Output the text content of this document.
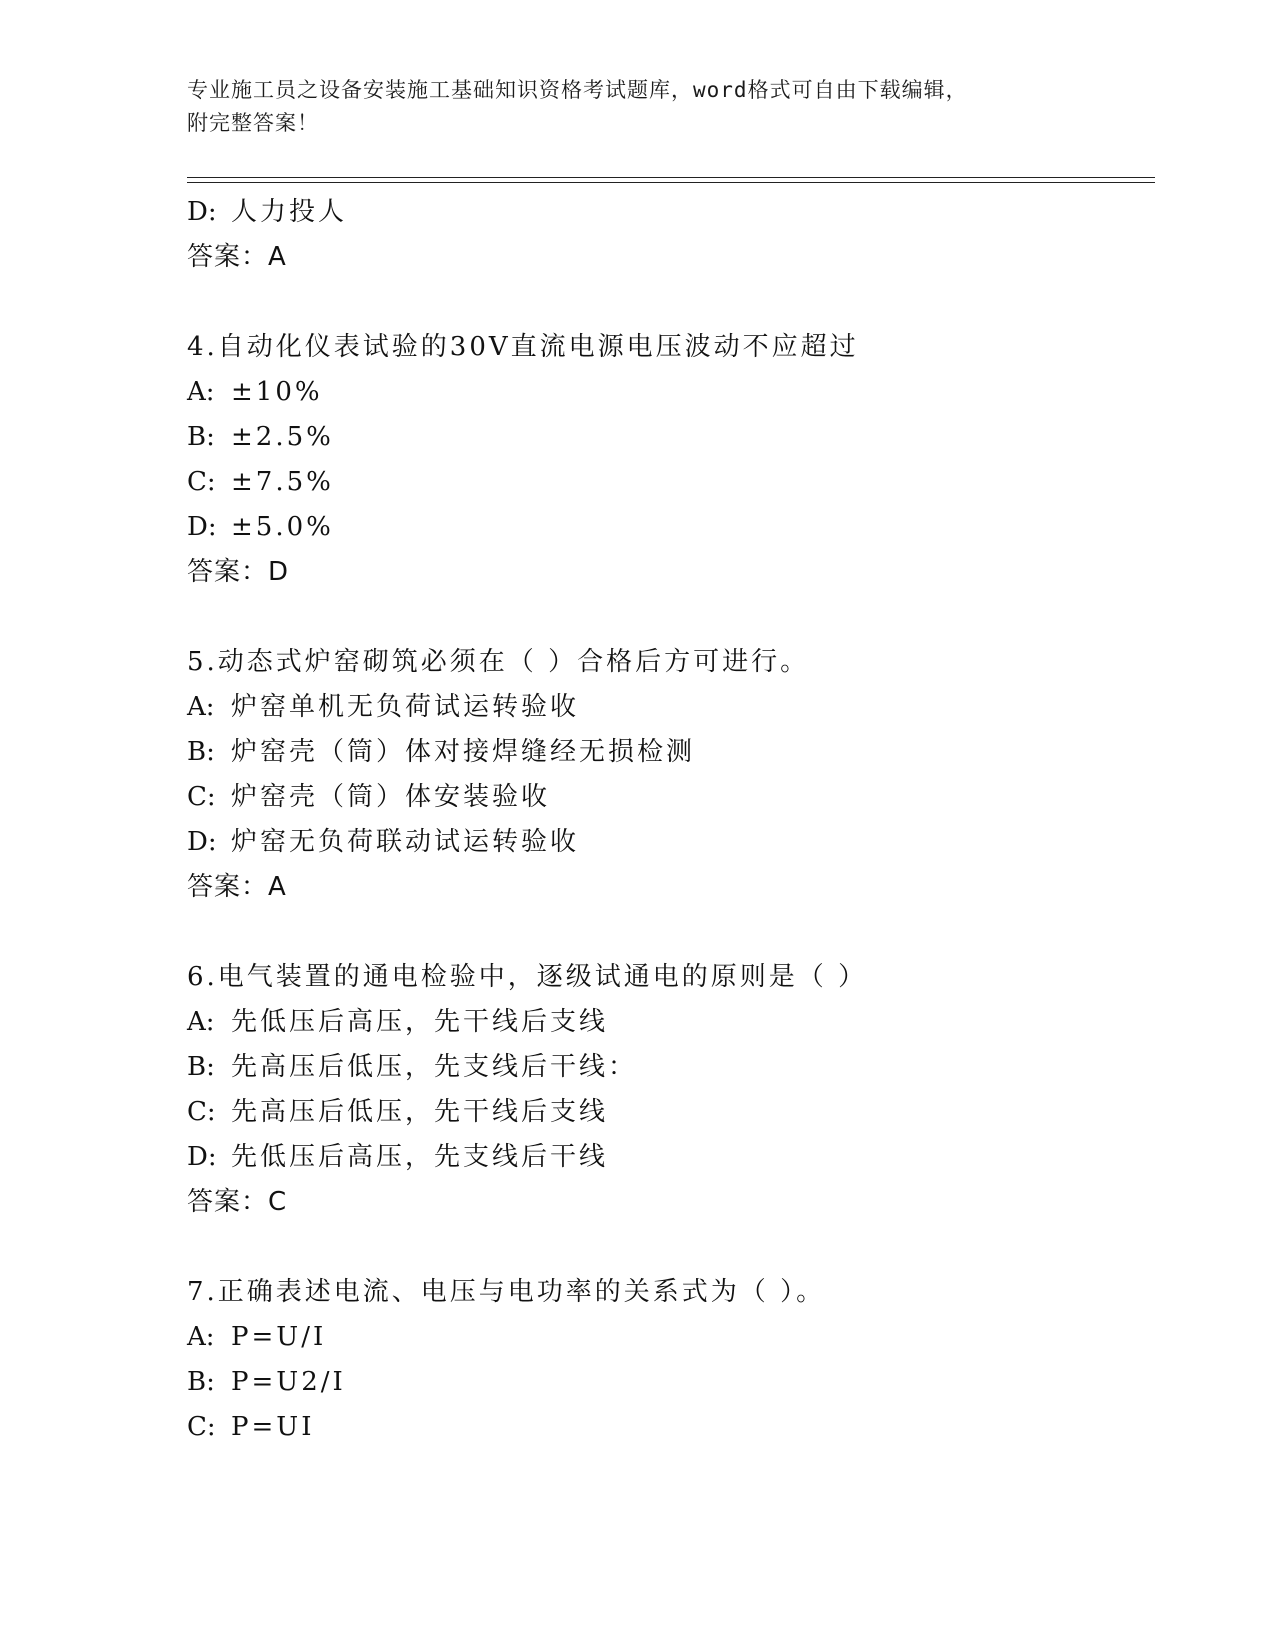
专业施工员之设备安装施工基础知识资格考试题库，word格式可自由下载编辑，
附完整答案！
D: 人力投人
答案：A
4.自动化仪表试验的30V直流电源电压波动不应超过
A: ±10%
B: ±2.5%
C: ±7.5%
D: ±5.0%
答案：D
5.动态式炉窑砌筑必须在（ ）合格后方可进行。
A: 炉窑单机无负荷试运转验收
B: 炉窑壳（筒）体对接焊缝经无损检测
C: 炉窑壳（筒）体安装验收
D: 炉窑无负荷联动试运转验收
答案：A
6.电气装置的通电检验中，逐级试通电的原则是（ ）
A: 先低压后高压，先干线后支线
B: 先高压后低压，先支线后干线：
C: 先高压后低压，先干线后支线
D: 先低压后高压，先支线后干线
答案：C
7.正确表述电流、电压与电功率的关系式为（ ）。
A: P=U/I
B: P=U2/I
C: P=UI
